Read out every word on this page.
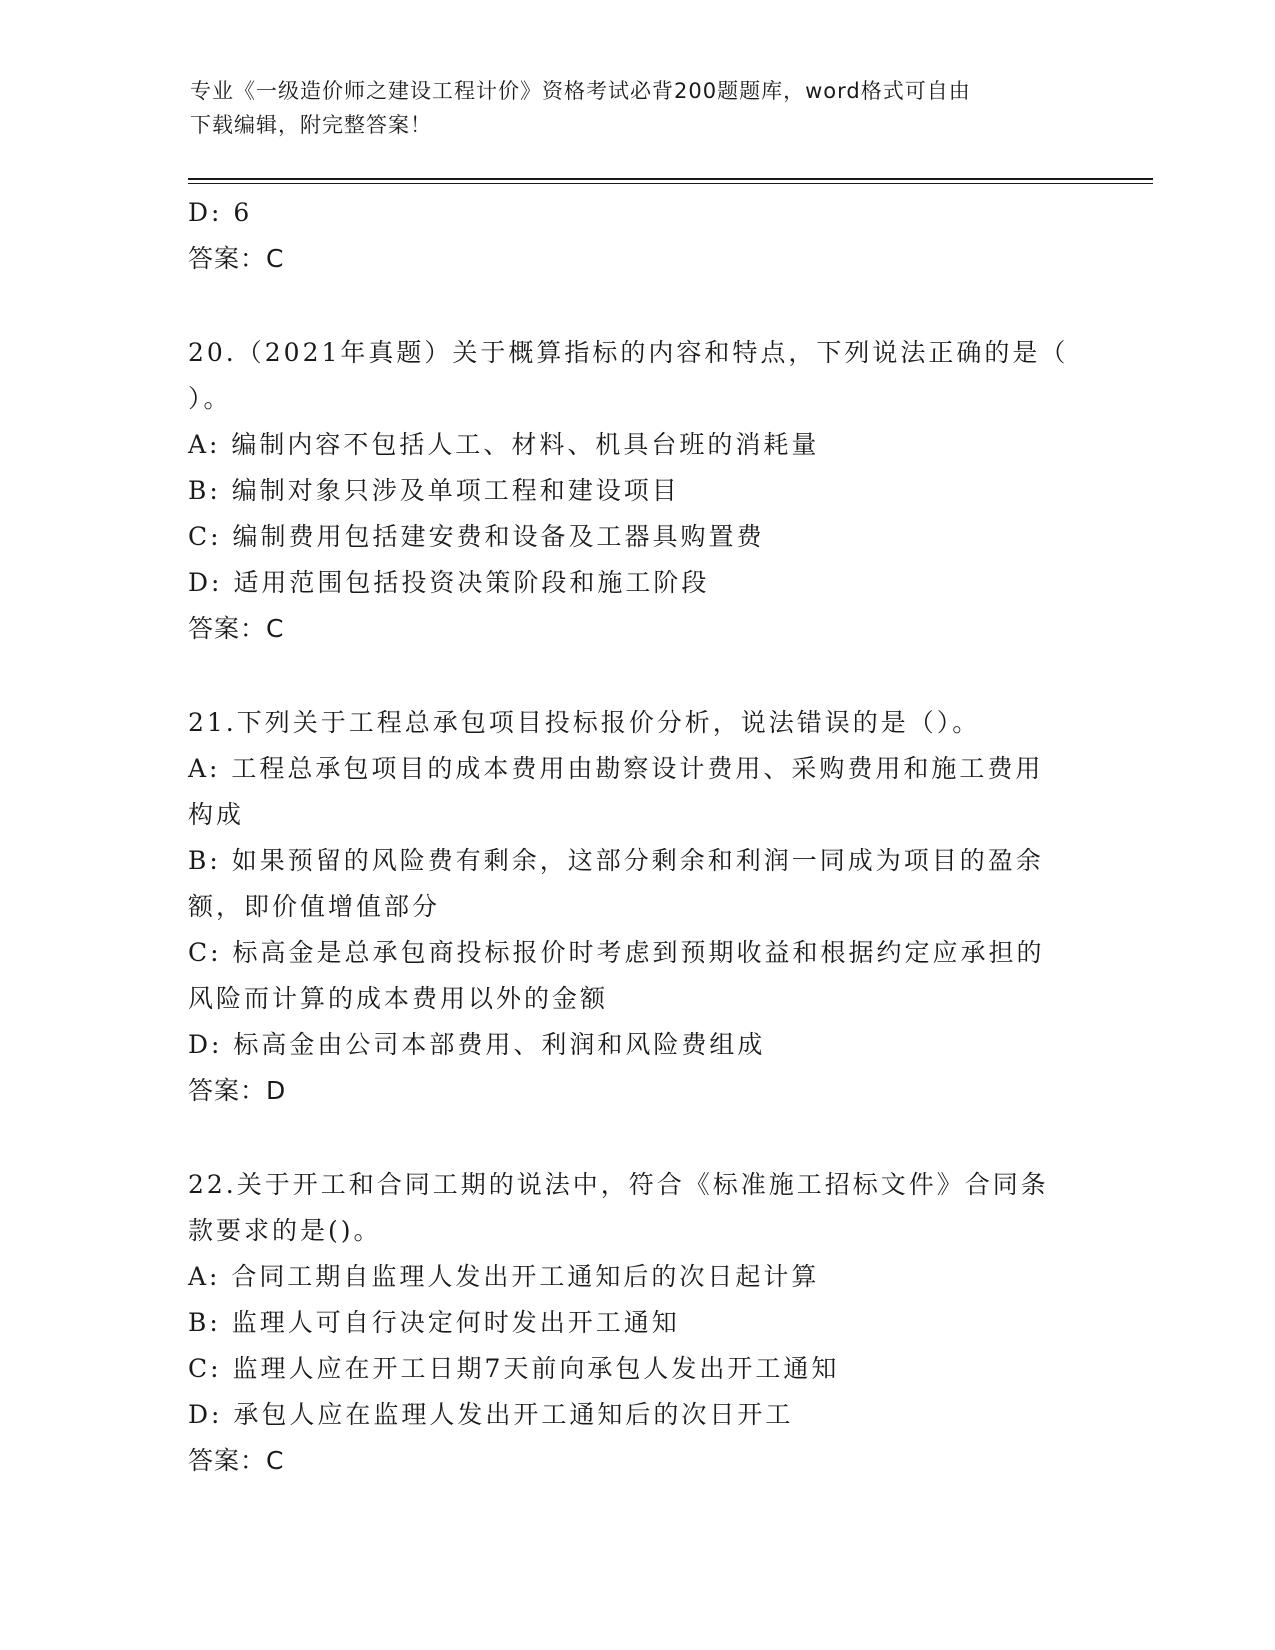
专业《一级造价师之建设工程计价》资格考试必背200题题库，word格式可自由
下载编辑，附完整答案！
D: 6
答案：C
20.（2021年真题）关于概算指标的内容和特点，下列说法正确的是（
）。
A: 编制内容不包括人工、材料、机具台班的消耗量
B: 编制对象只涉及单项工程和建设项目
C: 编制费用包括建安费和设备及工器具购置费
D: 适用范围包括投资决策阶段和施工阶段
答案：C
21.下列关于工程总承包项目投标报价分析，说法错误的是（）。
A: 工程总承包项目的成本费用由勘察设计费用、采购费用和施工费用
构成
B: 如果预留的风险费有剩余，这部分剩余和利润一同成为项目的盈余
额，即价值增值部分
C: 标高金是总承包商投标报价时考虑到预期收益和根据约定应承担的
风险而计算的成本费用以外的金额
D: 标高金由公司本部费用、利润和风险费组成
答案：D
22.关于开工和合同工期的说法中，符合《标准施工招标文件》合同条
款要求的是()。
A: 合同工期自监理人发出开工通知后的次日起计算
B: 监理人可自行决定何时发出开工通知
C: 监理人应在开工日期7天前向承包人发出开工通知
D: 承包人应在监理人发出开工通知后的次日开工
答案：C
